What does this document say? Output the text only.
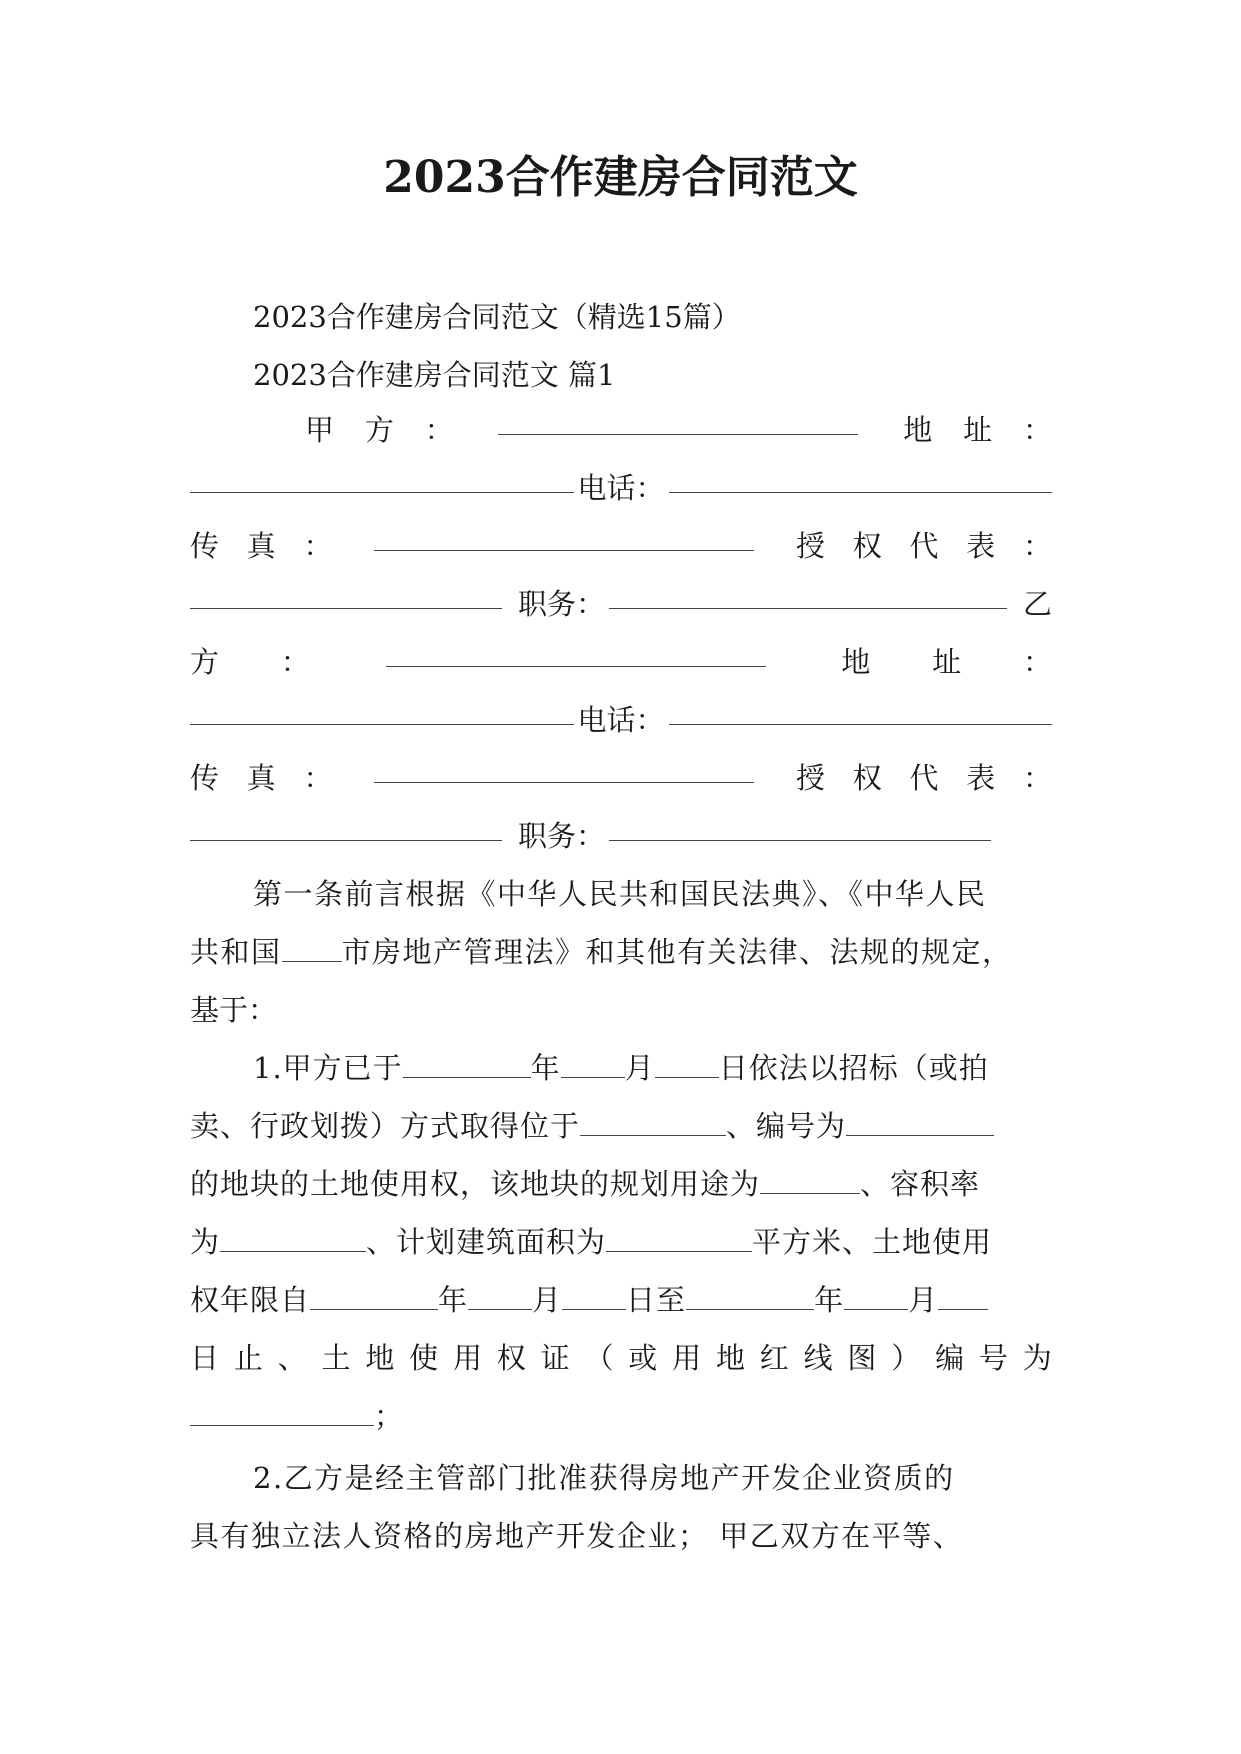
2023合作建房合同范文
2023合作建房合同范文（精选15篇）
2023合作建房合同范文 篇1
甲 方 ：	地 址 ：
电话：
传 真 ：	授 权 代 表 ：
职务：	乙
方 ：	地 址 ：
电话：
传 真 ：	授 权 代 表 ：
职务：
第一条前言根据《中华人民共和国民法典》、《中华人民
共和国 市房地产管理法》和其他有关法律、法规的规定，
基于：
1.甲方已于	年 月 日依法以招标（或拍
卖、行政划拨）方式取得位于	、编号为
的地块的土地使用权，该地块的规划用途为	、容积率
为	、计划建筑面积为	平方米、土地使用
权年限自	年 月 日至	年 月
日 止 、 土 地 使 用 权 证 （ 或 用 地 红 线 图 ） 编 号 为
；
2.乙方是经主管部门批准获得房地产开发企业资质的
具有独立法人资格的房地产开发企业； 甲乙双方在平等、
